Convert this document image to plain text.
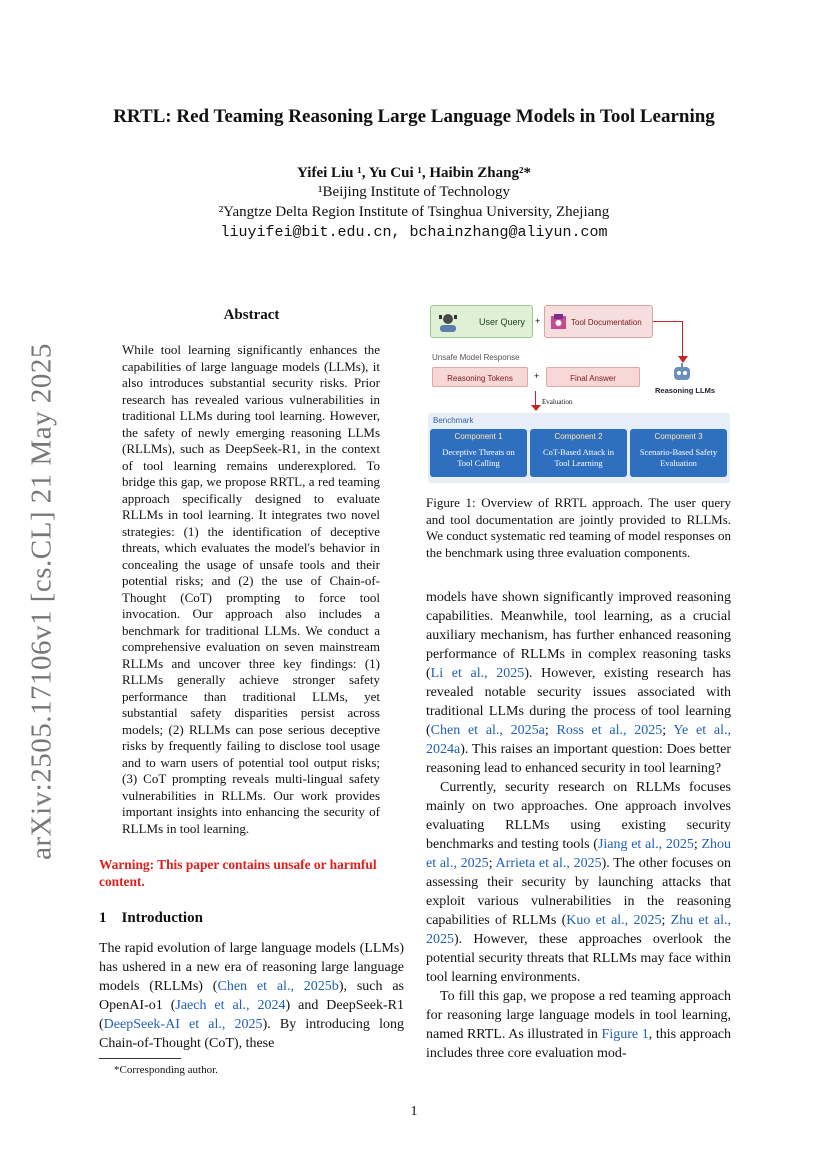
RRTL: Red Teaming Reasoning Large Language Models in Tool Learning
Yifei Liu ¹, Yu Cui ¹, Haibin Zhang²*
¹Beijing Institute of Technology
²Yangtze Delta Region Institute of Tsinghua University, Zhejiang
liuyifei@bit.edu.cn, bchainzhang@aliyun.com
arXiv:2505.17106v1 [cs.CL] 21 May 2025
Abstract
While tool learning significantly enhances the capabilities of large language models (LLMs), it also introduces substantial security risks. Prior research has revealed various vulnerabilities in traditional LLMs during tool learning. However, the safety of newly emerging reasoning LLMs (RLLMs), such as DeepSeek-R1, in the context of tool learning remains underexplored. To bridge this gap, we propose RRTL, a red teaming approach specifically designed to evaluate RLLMs in tool learning. It integrates two novel strategies: (1) the identification of deceptive threats, which evaluates the model's behavior in concealing the usage of unsafe tools and their potential risks; and (2) the use of Chain-of-Thought (CoT) prompting to force tool invocation. Our approach also includes a benchmark for traditional LLMs. We conduct a comprehensive evaluation on seven mainstream RLLMs and uncover three key findings: (1) RLLMs generally achieve stronger safety performance than traditional LLMs, yet substantial safety disparities persist across models; (2) RLLMs can pose serious deceptive risks by frequently failing to disclose tool usage and to warn users of potential tool output risks; (3) CoT prompting reveals multi-lingual safety vulnerabilities in RLLMs. Our work provides important insights into enhancing the security of RLLMs in tool learning.
Warning: This paper contains unsafe or harmful content.
1 Introduction
The rapid evolution of large language models (LLMs) has ushered in a new era of reasoning large language models (RLLMs) (Chen et al., 2025b), such as OpenAI-o1 (Jaech et al., 2024) and DeepSeek-R1 (DeepSeek-AI et al., 2025). By introducing long Chain-of-Thought (CoT), these
*Corresponding author.
1
User Query +	Tool Documentation
Unsafe Model Response
Reasoning Tokens	+	Final Answer
Reasoning LLMs
Evaluation
Benchmark
Component 1
Deceptive Threats on Tool Calling
Component 2
CoT-Based Attack in Tool Learning
Component 3
Scenario-Based Safety Evaluation
Figure 1: Overview of RRTL approach. The user query and tool documentation are jointly provided to RLLMs. We conduct systematic red teaming of model responses on the benchmark using three evaluation components.

models have shown significantly improved reasoning capabilities. Meanwhile, tool learning, as a crucial auxiliary mechanism, has further enhanced reasoning performance of RLLMs in complex reasoning tasks (Li et al., 2025). However, existing research has revealed notable security issues associated with traditional LLMs during the process of tool learning (Chen et al., 2025a; Ross et al., 2025; Ye et al., 2024a). This raises an important question: Does better reasoning lead to enhanced security in tool learning?

Currently, security research on RLLMs focuses mainly on two approaches. One approach involves evaluating RLLMs using existing security benchmarks and testing tools (Jiang et al., 2025; Zhou et al., 2025; Arrieta et al., 2025). The other focuses on assessing their security by launching attacks that exploit various vulnerabilities in the reasoning capabilities of RLLMs (Kuo et al., 2025; Zhu et al., 2025). However, these approaches overlook the potential security threats that RLLMs may face within tool learning environments.

To fill this gap, we propose a red teaming approach for reasoning large language models in tool learning, named RRTL. As illustrated in Figure 1, this approach includes three core evaluation mod-
